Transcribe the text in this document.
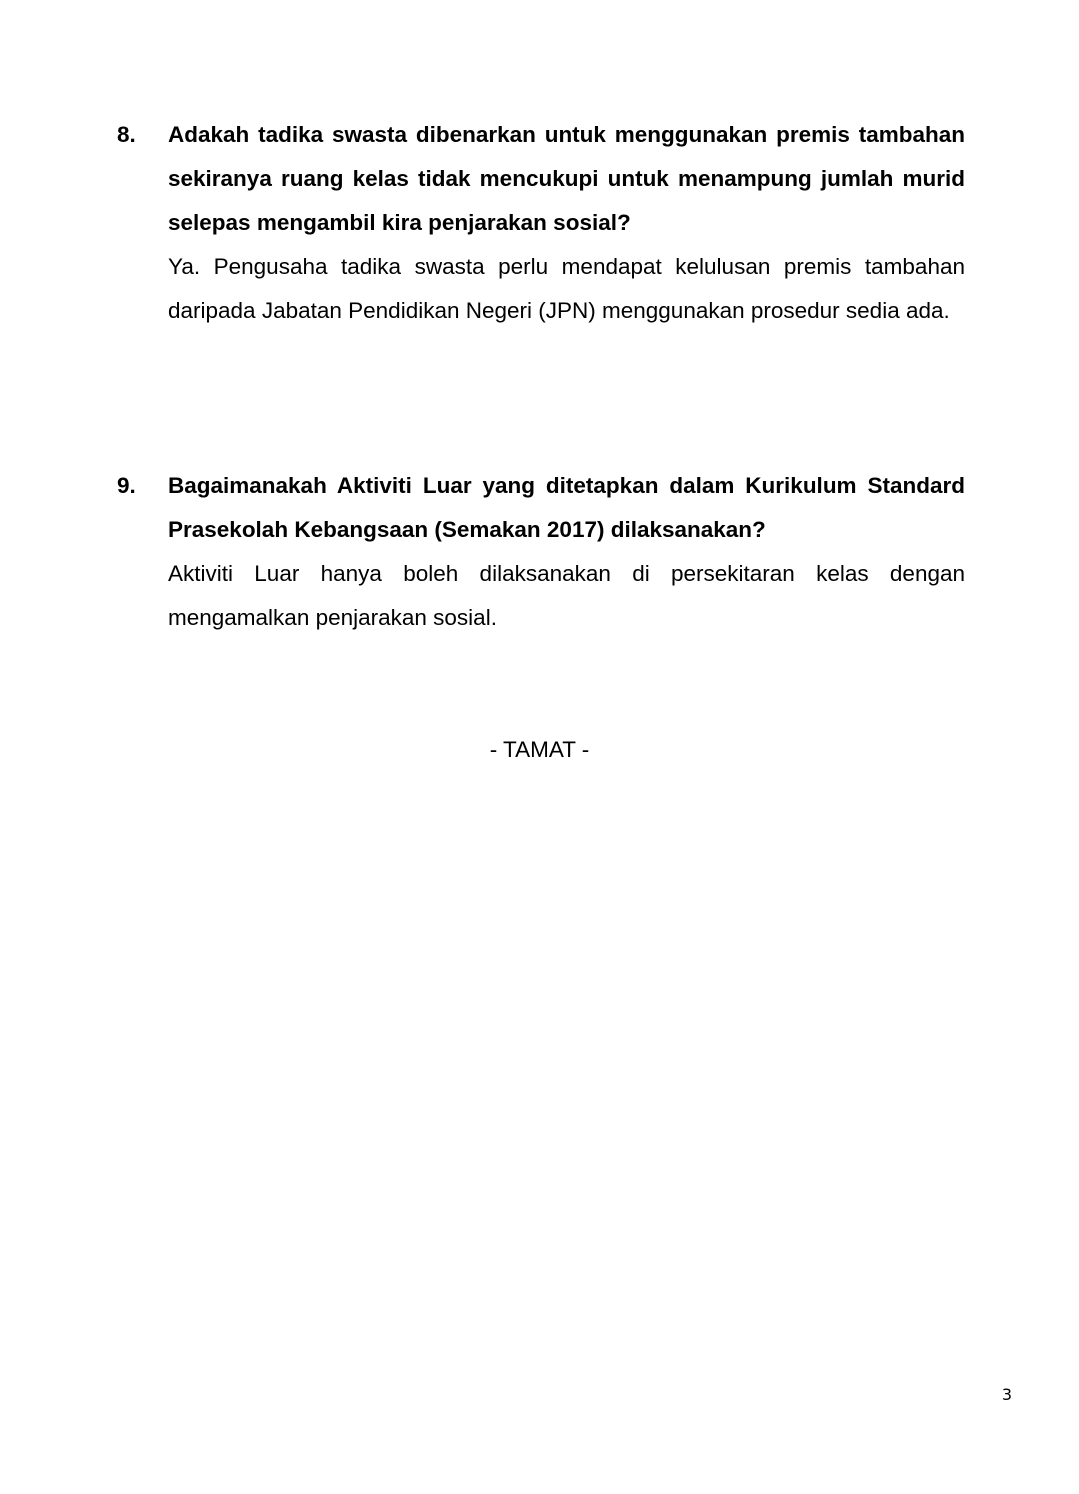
8.	Adakah tadika swasta dibenarkan untuk menggunakan premis tambahan sekiranya ruang kelas tidak mencukupi untuk menampung jumlah murid selepas mengambil kira penjarakan sosial?

Ya. Pengusaha tadika swasta perlu mendapat kelulusan premis tambahan daripada Jabatan Pendidikan Negeri (JPN) menggunakan prosedur sedia ada.

9.	Bagaimanakah Aktiviti Luar yang ditetapkan dalam Kurikulum Standard Prasekolah Kebangsaan (Semakan 2017) dilaksanakan?

Aktiviti Luar hanya boleh dilaksanakan di persekitaran kelas dengan mengamalkan penjarakan sosial.

- TAMAT -
3
